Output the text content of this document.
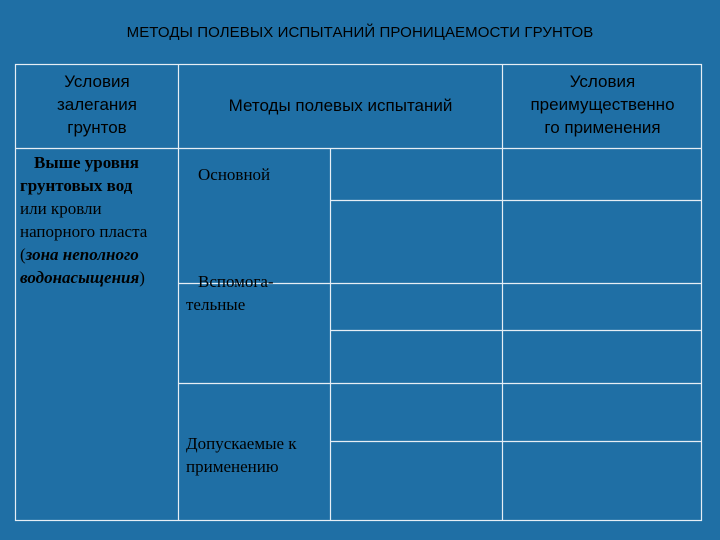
МЕТОДЫ ПОЛЕВЫХ ИСПЫТАНИЙ ПРОНИЦАЕМОСТИ ГРУНТОВ
Условия
залегания
грунтов
Методы полевых испытаний
Условия
преимущественно
го применения
Выше уровня
грунтовых вод
или кровли
напорного пласта
(зона неполного
водонасыщения)
Основной
Вспомога-
тельные
Допускаемые к
применению
